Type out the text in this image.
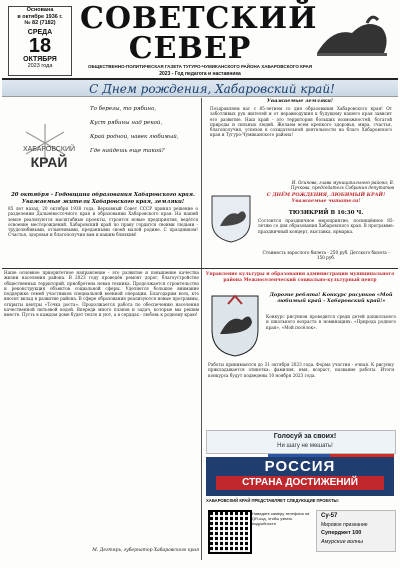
Основана
в октябре 1936 г.
№ 82 (7182)
СРЕДА
18
ОКТЯБРЯ
2023 года
СОВЕТСКИЙ
СЕВЕР
ОБЩЕСТВЕННО-ПОЛИТИЧЕСКАЯ ГАЗЕТА ТУГУРО-ЧУМИКАНСКОГО РАЙОНА ХАБАРОВСКОГО КРАЯ
2023 - Год педагога и наставника
С Днем рождения, Хабаровский край!
ХАБАРОВСКИЙ
КРАЙ
То березы, то рябина,
Куст рябины над рекой,
Край родной, навек любимый,
Где найдешь еще такой?
20 октября - Годовщина образования Хабаровского края. Уважаемые жители Хабаровского края, земляки!
85 лет назад, 20 октября 1938 года, Верховный Совет СССР принял решение о разделении Дальневосточного края и образовании Хабаровского края. На нашей земле реализуются масштабные проекты, строятся новые предприятия, ведётся освоение месторождений. Хабаровский край по праву гордится своими людьми - трудолюбивыми, отзывчивыми, преданными своей малой родине. С праздником! Счастья, здоровья и благополучия вам и вашим близким!
Уважаемые земляки!
Поздравляем вас с 85-летием со дня образования Хабаровского края! От заботливых рук жителей и от неравнодушия к будущему нашего края зависит его развитие. Наш край - это территория больших возможностей, богатой природы и сильных людей. Желаем всем крепкого здоровья, мира, счастья, благополучия, успехов в созидательной деятельности на благо Хабаровского края и Тугуро-Чумиканского района!
И. Осипова, глава муниципального района; В. Пучкова, председатель Собрания депутатов
С ДНЁМ РОЖДЕНИЯ, ЛЮБИМЫЙ КРАЙ! Уважаемые читатели!
ТЮЗИКРИЙ В 16:30 Ч.
Состоится праздничное мероприятие, посвящённое 85-летию со дня образования Хабаровского края. В программе: праздничный концерт, выставка, ярмарка.
Стоимость взрослого билета - 250 руб. Детского билета - 150 руб.
Наше основное приоритетное направление - это развитие и повышение качества жизни населения района. В 2023 году проведён ремонт дорог, благоустройство общественных территорий, приобретена новая техника. Продолжается строительство и реконструкция объектов социальной сферы. Уделяется большое внимание поддержке семей участников специальной военной операции. Благодарим всех, кто вносит вклад в развитие района. В сфере образования реализуются новые программы, открыты центры «Точка роста». Продолжается работа по обеспечению населения качественной питьевой водой. Впереди много планов и задач, которые мы решим вместе. Пусть в каждом доме будет тепло и уют, а в сердцах - любовь к родному краю!
М. Дегтярь, губернатор Хабаровского края
Управление культуры и образования администрации муниципального района Межпоселенческий социально-культурный центр
Дорогие ребята! Конкурс рисунков «Мой любимый край - Хабаровский край!»
Конкурс рисунков проводится среди детей дошкольного и школьного возраста в номинациях: «Природа родного края», «Мой посёлок».
Работы принимаются до 31 октября 2023 года. Форма участия - очная. К рисунку прикладывается этикетка: фамилия, имя, возраст, название работы. Итоги конкурса будут подведены 10 ноября 2023 года.
Голосуй за своих!
Ни шагу не мешать!
РОССИЯ
СТРАНА ДОСТИЖЕНИЙ
ХАБАРОВСКИЙ КРАЙ ПРЕДСТАВЛЯЕТ СЛЕДУЮЩИЕ ПРОЕКТЫ:
Наведите камеру телефона на QR-код, чтобы узнать подробности
Су-57
Мировое признание
Суперджет 100
Амурские волны
